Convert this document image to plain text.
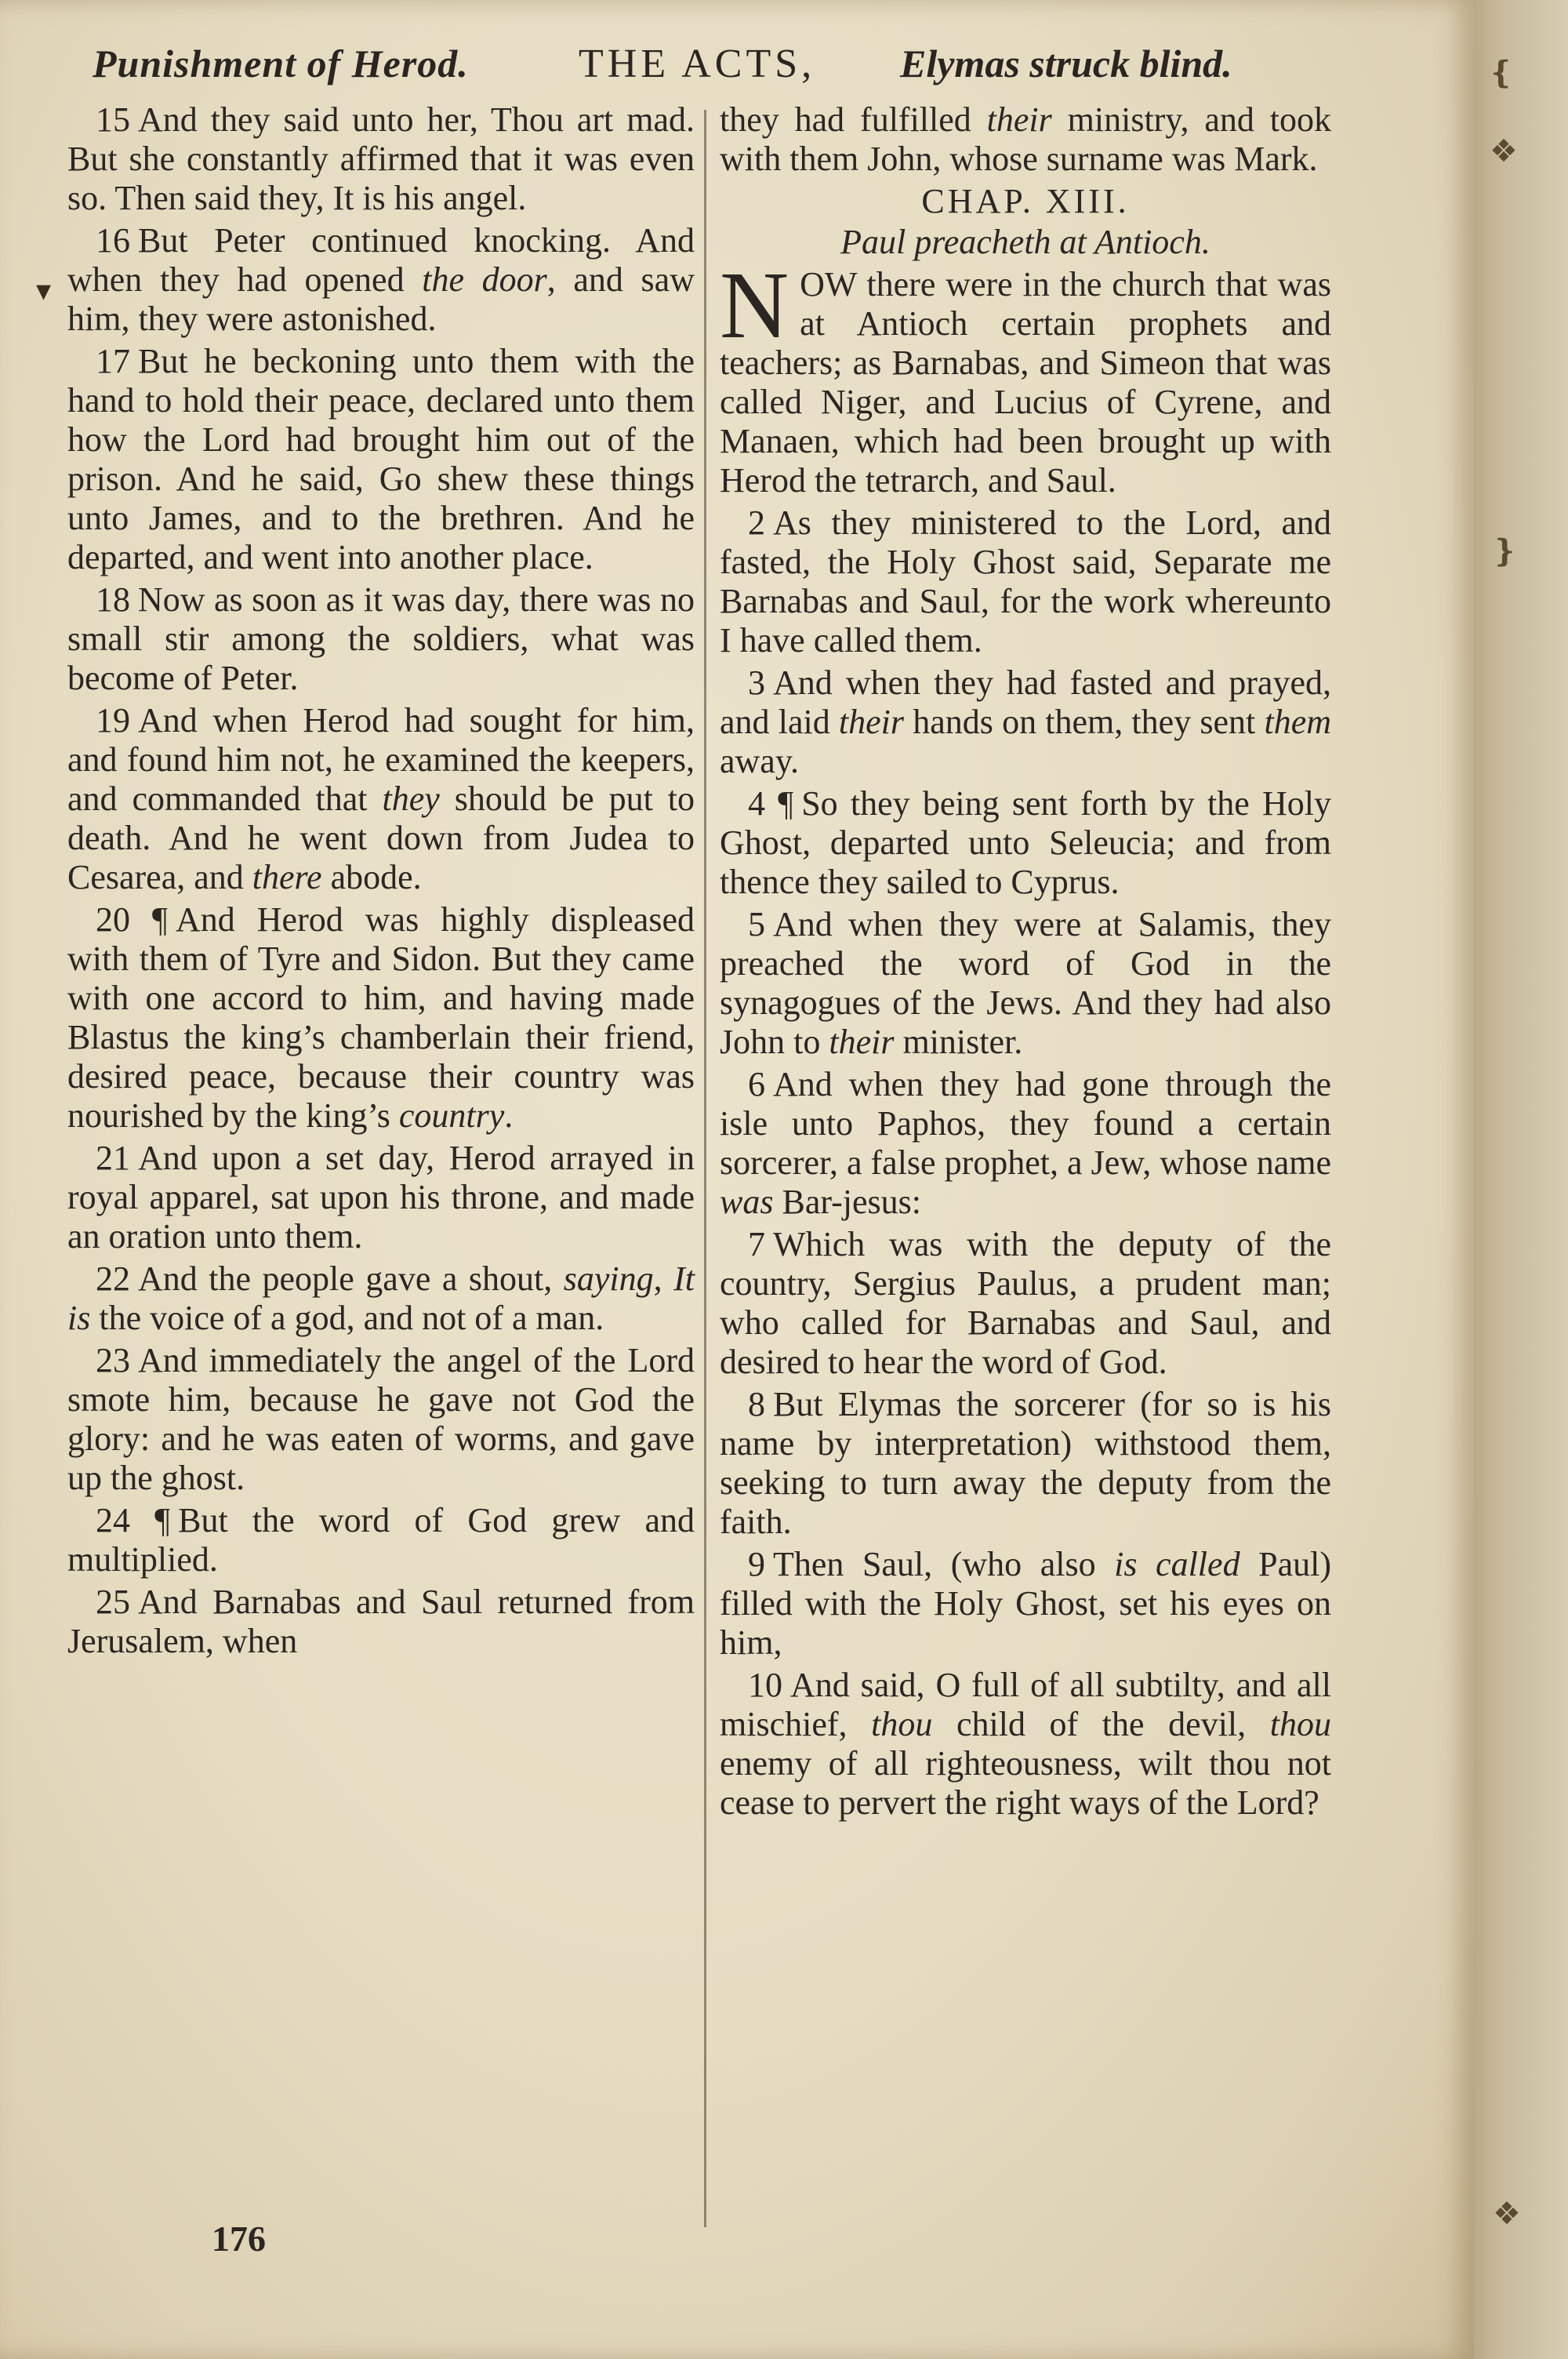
Punishment of Herod.	THE ACTS, Elymas struck blind.
▾

15 And they said unto her, Thou art mad. But she constantly affirmed that it was even so. Then said they, It is his angel.

16 But Peter continued knocking. And when they had opened the door, and saw him, they were astonished.

17 But he beckoning unto them with the hand to hold their peace, declared unto them how the Lord had brought him out of the prison. And he said, Go shew these things unto James, and to the brethren. And he departed, and went into another place.

18 Now as soon as it was day, there was no small stir among the soldiers, what was become of Peter.

19 And when Herod had sought for him, and found him not, he examined the keepers, and commanded that they should be put to death. And he went down from Judea to Cesarea, and there abode.

20 ¶ And Herod was highly displeased with them of Tyre and Sidon. But they came with one accord to him, and having made Blastus the king’s chamberlain their friend, desired peace, because their country was nourished by the king’s country.

21 And upon a set day, Herod arrayed in royal apparel, sat upon his throne, and made an oration unto them.

22 And the people gave a shout, saying, It is the voice of a god, and not of a man.

23 And immediately the angel of the Lord smote him, because he gave not God the glory: and he was eaten of worms, and gave up the ghost.

24 ¶ But the word of God grew and multiplied.

25 And Barnabas and Saul returned from Jerusalem, when

they had fulfilled their ministry, and took with them John, whose surname was Mark.

CHAP. XIII.

Paul preacheth at Antioch.

NOW there were in the church that was at Antioch certain prophets and teachers; as Barnabas, and Simeon that was called Niger, and Lucius of Cyrene, and Manaen, which had been brought up with Herod the tetrarch, and Saul.

2 As they ministered to the Lord, and fasted, the Holy Ghost said, Separate me Barnabas and Saul, for the work whereunto I have called them.

3 And when they had fasted and prayed, and laid their hands on them, they sent them away.

4 ¶ So they being sent forth by the Holy Ghost, departed unto Seleucia; and from thence they sailed to Cyprus.

5 And when they were at Salamis, they preached the word of God in the synagogues of the Jews. And they had also John to their minister.

6 And when they had gone through the isle unto Paphos, they found a certain sorcerer, a false prophet, a Jew, whose name was Bar-jesus:

7 Which was with the deputy of the country, Sergius Paulus, a prudent man; who called for Barnabas and Saul, and desired to hear the word of God.

8 But Elymas the sorcerer (for so is his name by interpretation) withstood them, seeking to turn away the deputy from the faith.

9 Then Saul, (who also is called Paul) filled with the Holy Ghost, set his eyes on him,

10 And said, O full of all subtilty, and all mischief, thou child of the devil, thou enemy of all righteousness, wilt thou not cease to pervert the right ways of the Lord?

176
❴
❖
❵
❖
